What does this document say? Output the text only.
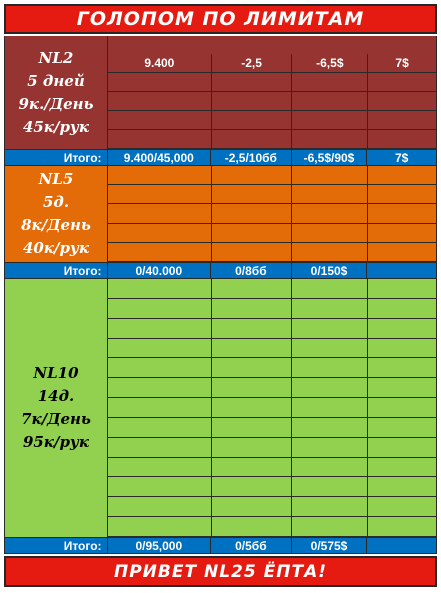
ГОЛОПОМ ПО ЛИМИТАМ
NL2
5 дней
9к./День
45к/рук
9.400	-2,5	-6,5$	7$
Итого:	9.400/45,000	-2,5/10бб	-6,5$/90$	7$
NL5
5д.
8к/День
40к/рук
Итого:	0/40.000	0/8бб	0/150$
NL10
14д.
7к/День
95к/рук
Итого:	0/95,000	0/5бб	0/575$
ПРИВЕТ NL25 ЁПТА!
